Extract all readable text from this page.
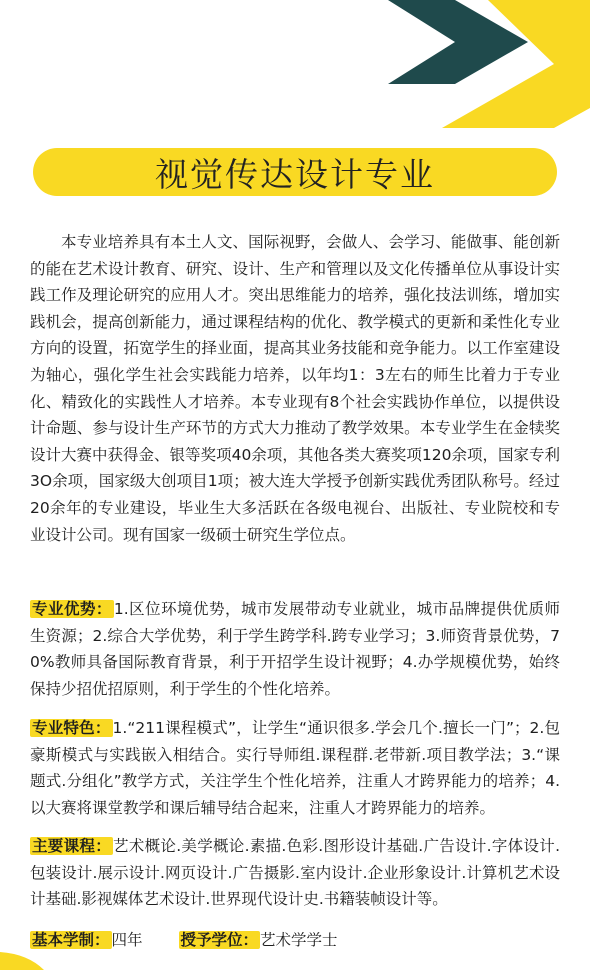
视觉传达设计专业
本专业培养具有本土人文、国际视野，会做人、会学习、能做事、能创新的能在艺术设计教育、研究、设计、生产和管理以及文化传播单位从事设计实践工作及理论研究的应用人才。突出思维能力的培养，强化技法训练，增加实践机会，提高创新能力，通过课程结构的优化、教学模式的更新和柔性化专业方向的设置，拓宽学生的择业面，提高其业务技能和竞争能力。以工作室建设为轴心，强化学生社会实践能力培养，以年均1：3左右的师生比着力于专业化、精致化的实践性人才培养。本专业现有8个社会实践协作单位，以提供设计命题、参与设计生产环节的方式大力推动了教学效果。本专业学生在金犊奖设计大赛中获得金、银等奖项40余项，其他各类大赛奖项120余项，国家专利3O余项，国家级大创项目1项；被大连大学授予创新实践优秀团队称号。经过20余年的专业建设，毕业生大多活跃在各级电视台、出版社、专业院校和专业设计公司。现有国家一级硕士研究生学位点。
专业优势： 1.区位环境优势，城市发展带动专业就业，城市品牌提供优质师生资源；2.综合大学优势，利于学生跨学科.跨专业学习；3.师资背景优势，70%教师具备国际教育背景，利于开招学生设计视野；4.办学规模优势，始终保持少招优招原则，利于学生的个性化培养。
专业特色： 1.“211课程模式”，让学生“通识很多.学会几个.擅长一门”；2.包豪斯模式与实践嵌入相结合。实行导师组.课程群.老带新.项目教学法；3.“课题式.分组化”教学方式，关注学生个性化培养，注重人才跨界能力的培养；4.以大赛将课堂教学和课后辅导结合起来，注重人才跨界能力的培养。
主要课程： 艺术概论.美学概论.素描.色彩.图形设计基础.广告设计.字体设计.包装设计.展示设计.网页设计.广告摄影.室内设计.企业形象设计.计算机艺术设计基础.影视媒体艺术设计.世界现代设计史.书籍装帧设计等。
基本学制： 四年 授予学位： 艺术学学士
